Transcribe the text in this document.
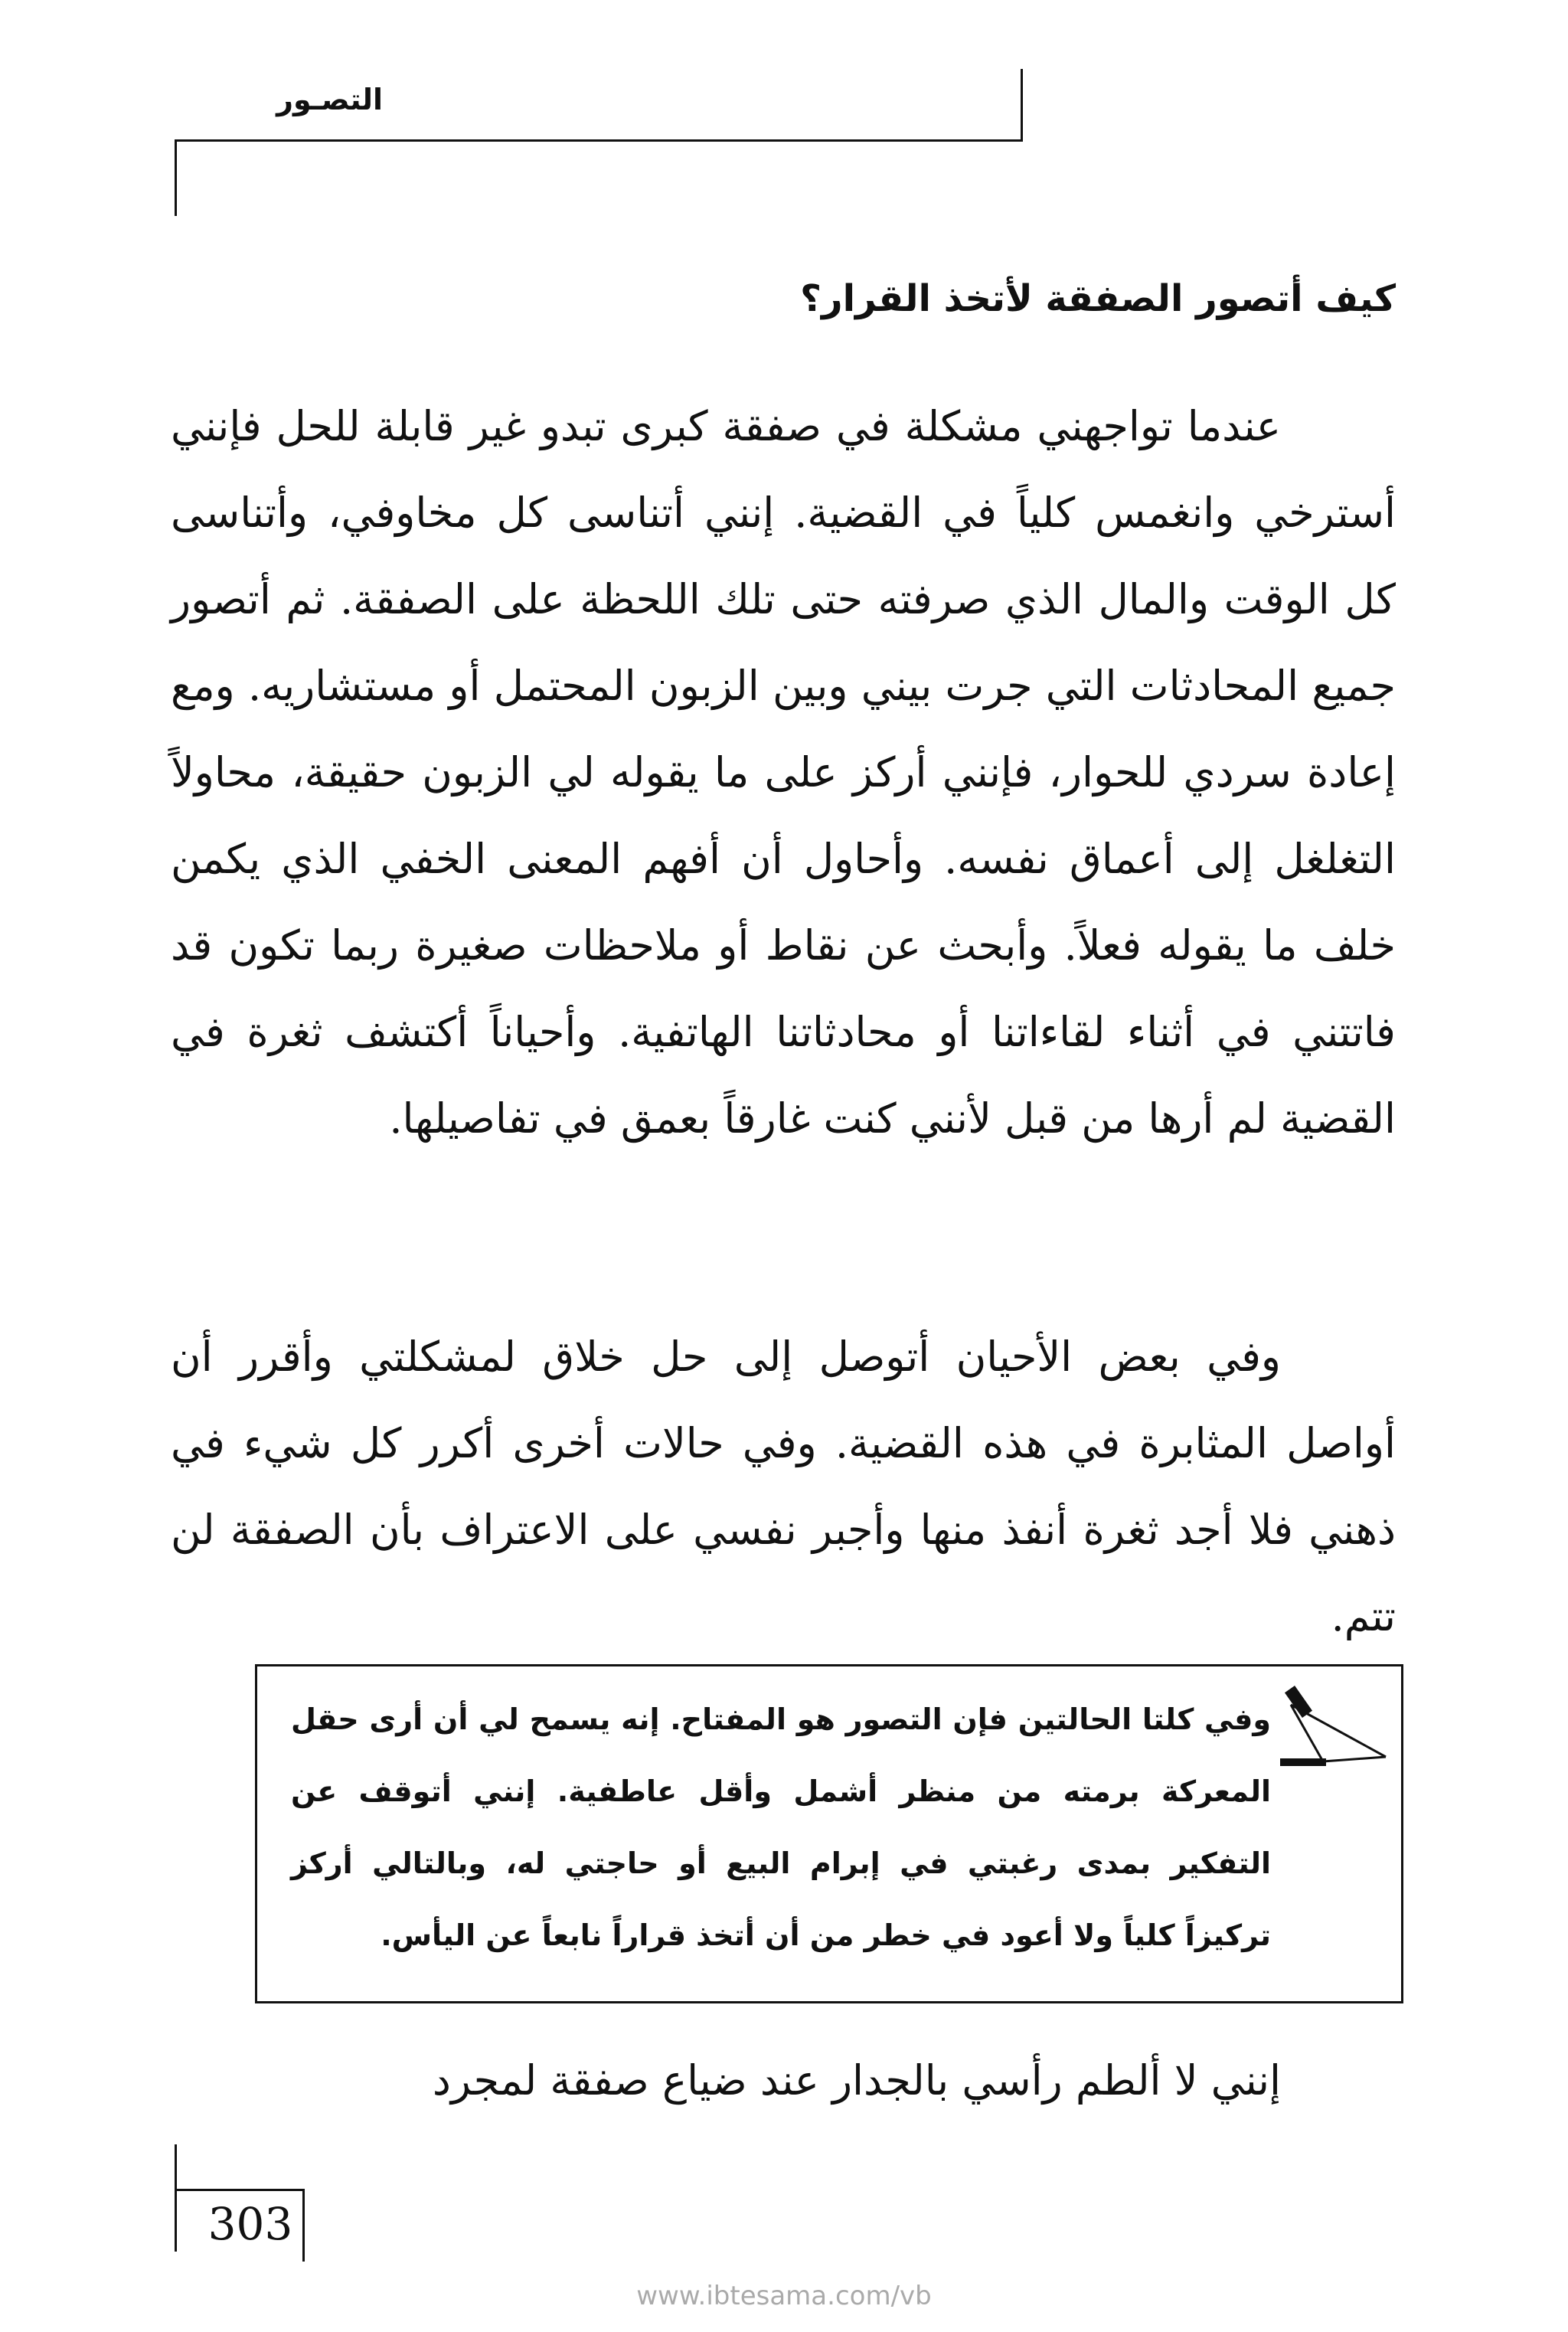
التصـور
كيف أتصور الصفقة لأتخذ القرار؟

عندما تواجهني مشكلة في صفقة كبرى تبدو غير قابلة للحل فإنني أسترخي وانغمس كلياً في القضية. إنني أتناسى كل مخاوفي، وأتناسى كل الوقت والمال الذي صرفته حتى تلك اللحظة على الصفقة. ثم أتصور جميع المحادثات التي جرت بيني وبين الزبون المحتمل أو مستشاريه. ومع إعادة سردي للحوار، فإنني أركز على ما يقوله لي الزبون حقيقة، محاولاً التغلغل إلى أعماق نفسه. وأحاول أن أفهم المعنى الخفي الذي يكمن خلف ما يقوله فعلاً. وأبحث عن نقاط أو ملاحظات صغيرة ربما تكون قد فاتتني في أثناء لقاءاتنا أو محادثاتنا الهاتفية. وأحياناً أكتشف ثغرة في القضية لم أرها من قبل لأنني كنت غارقاً بعمق في تفاصيلها.

وفي بعض الأحيان أتوصل إلى حل خلاق لمشكلتي وأقرر أن أواصل المثابرة في هذه القضية. وفي حالات أخرى أكرر كل شيء في ذهني فلا أجد ثغرة أنفذ منها وأجبر نفسي على الاعتراف بأن الصفقة لن تتم.

وفي كلتا الحالتين فإن التصور هو المفتاح. إنه يسمح لي أن أرى حقل المعركة برمته من منظر أشمل وأقل عاطفية. إنني أتوقف عن التفكير بمدى رغبتي في إبرام البيع أو حاجتي له، وبالتالي أركز تركيزاً كلياً ولا أعود في خطر من أن أتخذ قراراً نابعاً عن اليأس.

إنني لا ألطم رأسي بالجدار عند ضياع صفقة لمجرد

303
www.ibtesama.com/vb
